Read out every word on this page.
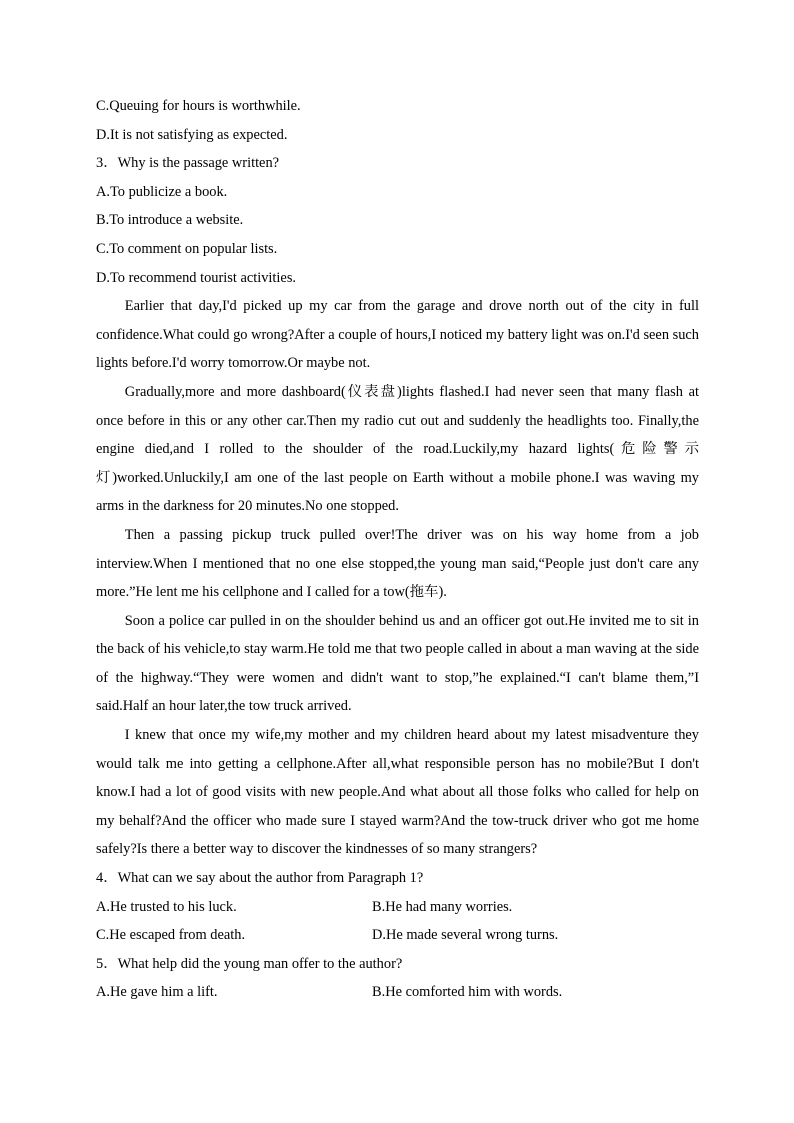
C.Queuing for hours is worthwhile.

D.It is not satisfying as expected.

3．Why is the passage written?

A.To publicize a book.

B.To introduce a website.

C.To comment on popular lists.

D.To recommend tourist activities.

Earlier that day,I'd picked up my car from the garage and drove north out of the city in full confidence.What could go wrong?After a couple of hours,I noticed my battery light was on.I'd seen such lights before.I'd worry tomorrow.Or maybe not.

Gradually,more and more dashboard(仪表盘)lights flashed.I had never seen that many flash at once before in this or any other car.Then my radio cut out and suddenly the headlights too. Finally,the engine died,and I rolled to the shoulder of the road.Luckily,my hazard lights(危险警示灯)worked.Unluckily,I am one of the last people on Earth without a mobile phone.I was waving my arms in the darkness for 20 minutes.No one stopped.

Then a passing pickup truck pulled over!The driver was on his way home from a job interview.When I mentioned that no one else stopped,the young man said,“People just don't care any more.”He lent me his cellphone and I called for a tow(拖车).

Soon a police car pulled in on the shoulder behind us and an officer got out.He invited me to sit in the back of his vehicle,to stay warm.He told me that two people called in about a man waving at the side of the highway.“They were women and didn't want to stop,”he explained.“I can't blame them,”I said.Half an hour later,the tow truck arrived.

I knew that once my wife,my mother and my children heard about my latest misadventure they would talk me into getting a cellphone.After all,what responsible person has no mobile?But I don't know.I had a lot of good visits with new people.And what about all those folks who called for help on my behalf?And the officer who made sure I stayed warm?And the tow-truck driver who got me home safely?Is there a better way to discover the kindnesses of so many strangers?

4．What can we say about the author from Paragraph 1?

A.He trusted to his luck.	B.He had many worries.
C.He escaped from death.	D.He made several wrong turns.

5．What help did the young man offer to the author?

A.He gave him a lift.	B.He comforted him with words.
